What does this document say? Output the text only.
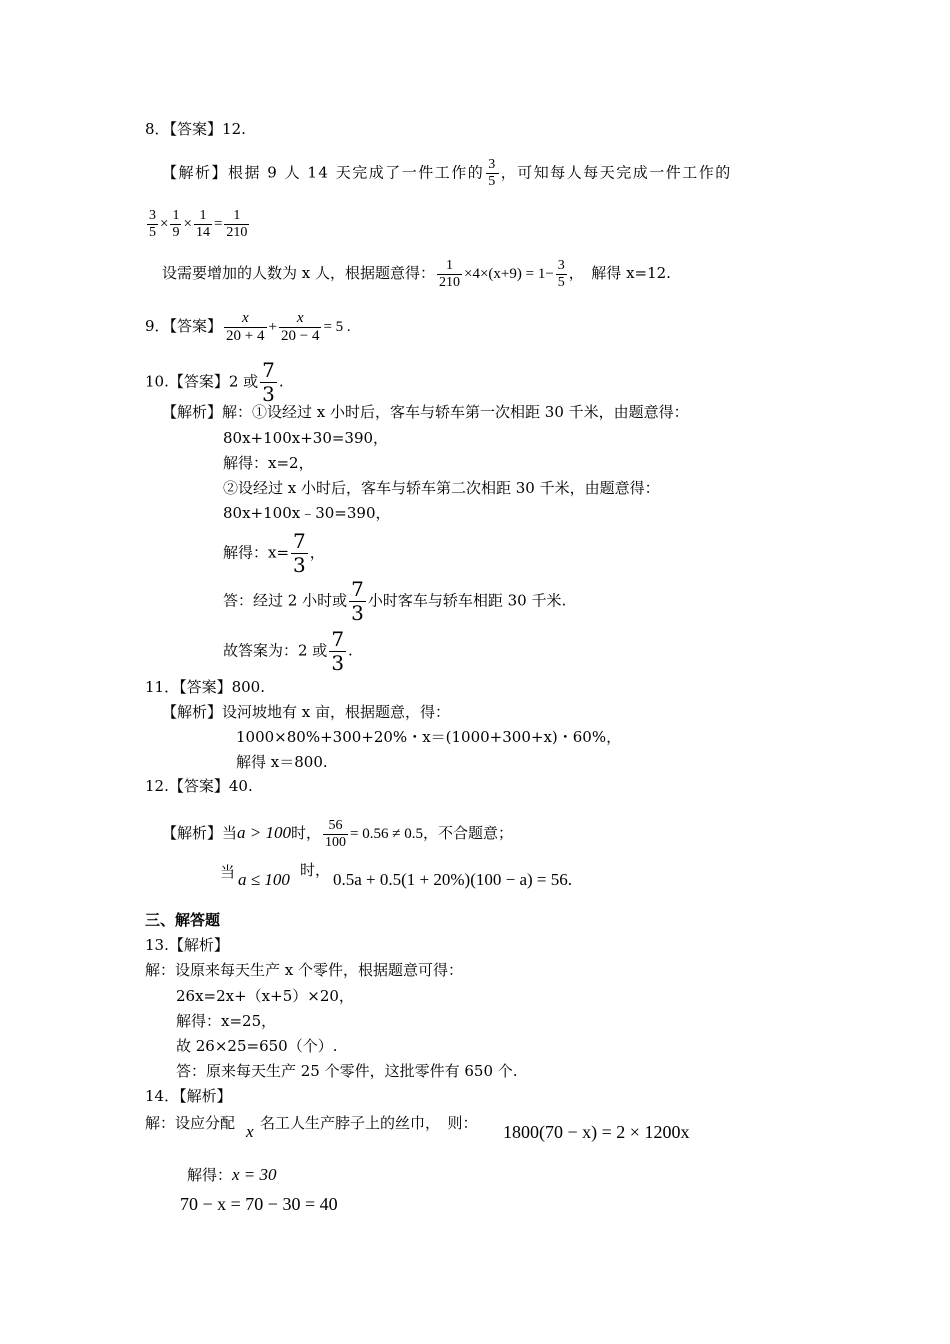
8．【答案】12.
【解析】根据 9 人 14 天完成了一件工作的 $\frac{3}{5}$ ，可知每人每天完成一件工作的
$\frac{3}{5} \times \frac{1}{9} \times \frac{1}{14} = \frac{1}{210}$
设需要增加的人数为 x 人，根据题意得： $\frac{1}{210} \times 4\times(x+9) = 1- \frac{3}{5}$ ，　解得 x=12.
9．【答案】 $\frac{x}{20 + 4} + \frac{x}{20 - 4} = 5$ .
10.【答案】2 或 $\frac{7}{3}$ .
【解析】解：①设经过 x 小时后，客车与轿车第一次相距 30 千米，由题意得：
80x+100x+30=390，
解得：x=2，
②设经过 x 小时后，客车与轿车第二次相距 30 千米，由题意得：
80x+100x﹣30=390，
解得：$x= \frac{7}{3}$ ，
答：经过 2 小时或 $\frac{7}{3}$ 小时客车与轿车相距 30 千米.
故答案为：2 或 $\frac{7}{3}$ .
11．【答案】800.
【解析】设河坡地有 x 亩，根据题意，得：
1000×80%+300+20%・x＝(1000+300+x)・60%，
解得 x＝800.
12.【答案】40.
【解析】当a > 100时， $\frac{56}{100} = 0.56 \ne 0.5$，不合题意；
当 a ≤ 100 时， 0.5a + 0.5(1 + 20%)(100 − a) = 56.
三、解答题
13.【解析】
解：设原来每天生产 x 个零件，根据题意可得：
26x=2x+（x+5）×20，
解得：x=25，
故 26×25=650（个）.
答：原来每天生产 25 个零件，这批零件有 650 个.
14．【解析】
解：设应分配 x 名工人生产脖子上的丝巾，　则： 1800(70 − x) = 2 × 1200x
解得：x = 30
70 − x = 70 − 30 = 40
